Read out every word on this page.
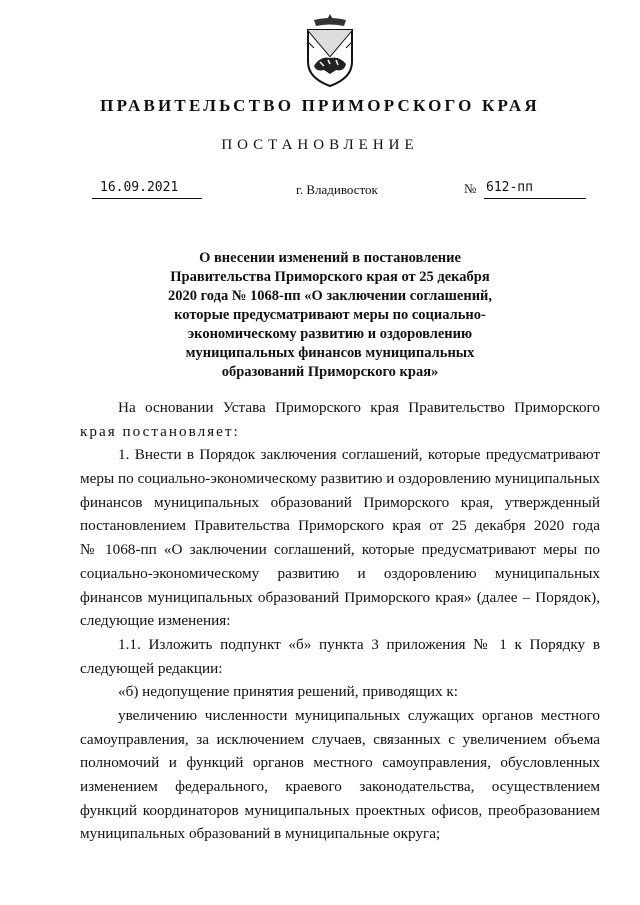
ПРАВИТЕЛЬСТВО ПРИМОРСКОГО КРАЯ
ПОСТАНОВЛЕНИЕ
16.09.2021	г. Владивосток	№ 612-пп
О внесении изменений в постановление
Правительства Приморского края от 25 декабря
2020 года № 1068-пп «О заключении соглашений,
которые предусматривают меры по социально-
экономическому развитию и оздоровлению
муниципальных финансов муниципальных
образований Приморского края»
На основании Устава Приморского края Правительство Приморского
края постановляет:
1. Внести в Порядок заключения соглашений, которые предусматривают
меры по социально-экономическому развитию и оздоровлению муниципальных
финансов муниципальных образований Приморского края, утвержденный
постановлением Правительства Приморского края от 25 декабря 2020 года
№ 1068-пп «О заключении соглашений, которые предусматривают меры по
социально-экономическому развитию и оздоровлению муниципальных
финансов муниципальных образований Приморского края» (далее – Порядок),
следующие изменения:
1.1. Изложить подпункт «б» пункта 3 приложения № 1 к Порядку в
следующей редакции:
«б) недопущение принятия решений, приводящих к:
увеличению численности муниципальных служащих органов местного
самоуправления, за исключением случаев, связанных с увеличением объема
полномочий и функций органов местного самоуправления, обусловленных
изменением федерального, краевого законодательства, осуществлением
функций координаторов муниципальных проектных офисов, преобразованием
муниципальных образований в муниципальные округа;
